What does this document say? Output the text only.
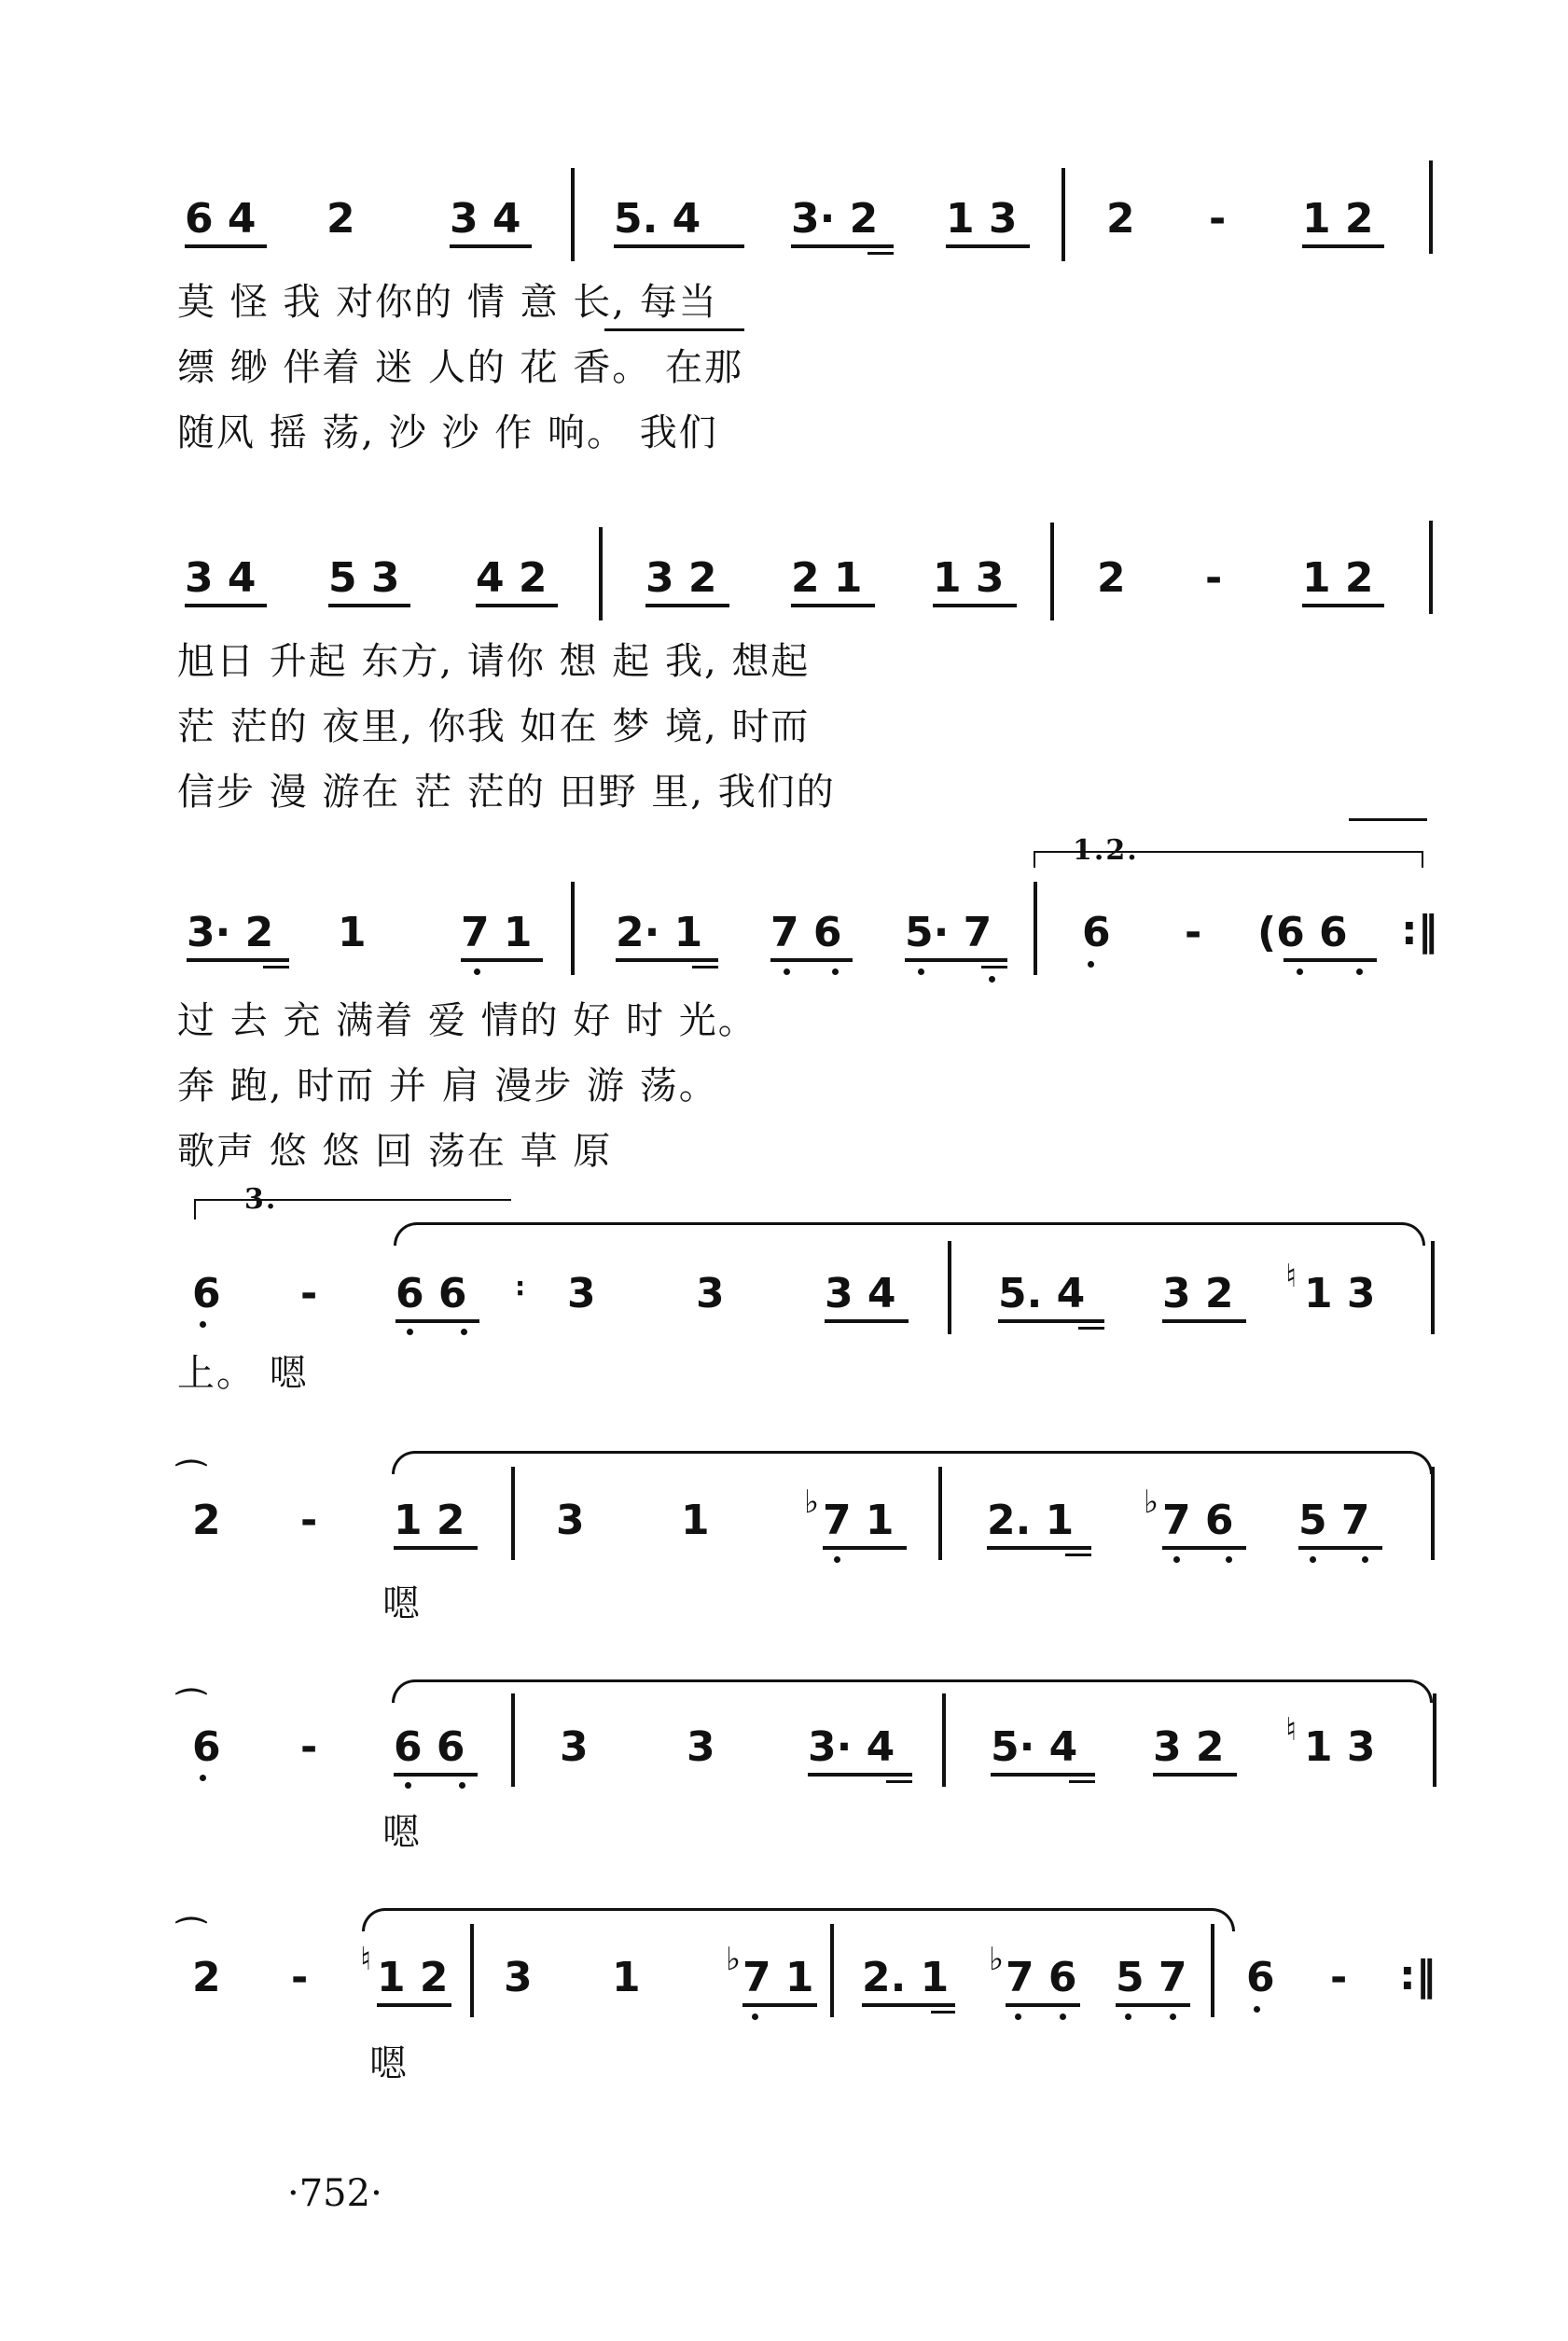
6 4 2 3 4 5. 4 3· 2 1 3 2 - 1 2
莫 怪 我 对你的 情 意 长, 每当
缥 缈 伴着 迷 人的 花 香。 在那
随风 摇 荡, 沙 沙 作 响。 我们
3 4 5 3 4 2 3 2 2 1 1 3 2 - 1 2
旭日 升起 东方, 请你 想 起 我, 想起
茫 茫的 夜里, 你我 如在 梦 境, 时而
信步 漫 游在 茫 茫的 田野 里, 我们的
1.2.
3· 2 1 7 1 2· 1 7 6 5· 7 6 - (6 6 :‖
过 去 充 满着 爱 情的 好 时 光。
奔 跑, 时而 并 肩 漫步 游 荡。
歌声 悠 悠 回 荡在 草 原
3.
6 - 6 6 : 3 3 3 4 5. 4 3 2 ♮ 1 3
上。 嗯
⌒
2 - 1 2 3 1	♭ 7 1 2. 1 ♭ 7 6 5 7
嗯
⌒
6 - 6 6 3 3 3· 4 5· 4 3 2 ♮ 1 3
嗯
⌒
2 - ♮ 1 2 3 1	♭ 7 1 2. 1 ♭ 7 6 5 7 6 - :‖
嗯
·752·
